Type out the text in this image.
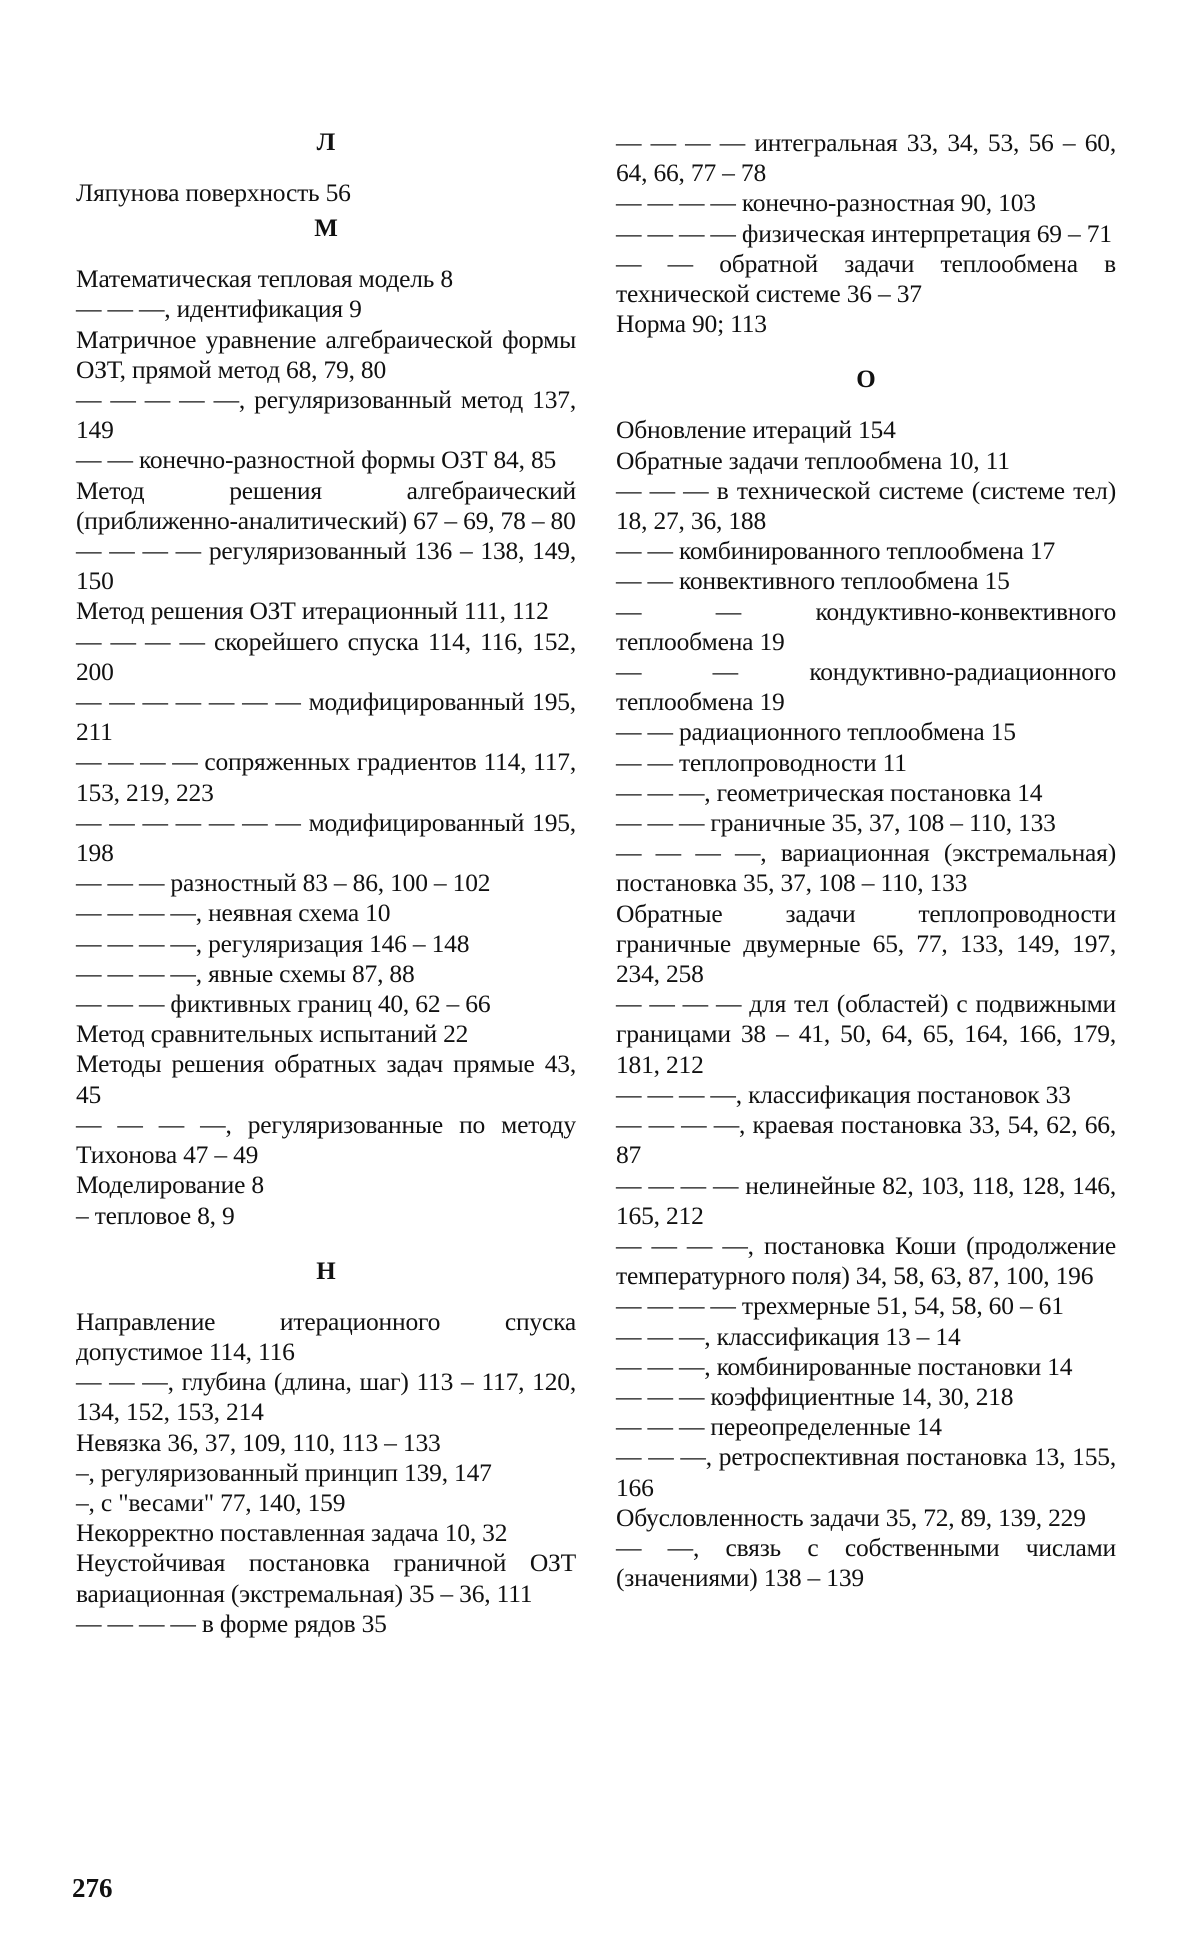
Л
Ляпунова поверхность 56
М
Математическая тепловая модель 8
— — —, идентификация 9
Матричное уравнение алгебраической формы ОЗТ, прямой метод 68, 79, 80
— — — — —, регуляризованный метод 137, 149
— — конечно-разностной формы ОЗТ 84, 85
Метод решения алгебраический (приближенно-аналитический) 67 – 69, 78 – 80
— — — — регуляризованный 136 – 138, 149, 150
Метод решения ОЗТ итерационный 111, 112
— — — — скорейшего спуска 114, 116, 152, 200
— — — — — — — модифицированный 195, 211
— — — — сопряженных градиентов 114, 117, 153, 219, 223
— — — — — — — модифицированный 195, 198
— — — разностный 83 – 86, 100 – 102
— — — —, неявная схема 10
— — — —, регуляризация 146 – 148
— — — —, явные схемы 87, 88
— — — фиктивных границ 40, 62 – 66
Метод сравнительных испытаний 22
Методы решения обратных задач прямые 43, 45
— — — —, регуляризованные по методу Тихонова 47 – 49
Моделирование 8
– тепловое 8, 9
Н
Направление итерационного спуска допустимое 114, 116
— — —, глубина (длина, шаг) 113 – 117, 120, 134, 152, 153, 214
Невязка 36, 37, 109, 110, 113 – 133
–, регуляризованный принцип 139, 147
–, с "весами" 77, 140, 159
Некорректно поставленная задача 10, 32
Неустойчивая постановка граничной ОЗТ вариационная (экстремальная) 35 – 36, 111
— — — — в форме рядов 35
— — — — интегральная 33, 34, 53, 56 – 60, 64, 66, 77 – 78
— — — — конечно-разностная 90, 103
— — — — физическая интерпретация 69 – 71
— — обратной задачи теплообмена в технической системе 36 – 37
Норма 90; 113
О
Обновление итераций 154
Обратные задачи теплообмена 10, 11
— — — в технической системе (системе тел) 18, 27, 36, 188
— — комбинированного теплообмена 17
— — конвективного теплообмена 15
— — кондуктивно-конвективного теплообмена 19
— — кондуктивно-радиационного теплообмена 19
— — радиационного теплообмена 15
— — теплопроводности 11
— — —, геометрическая постановка 14
— — — граничные 35, 37, 108 – 110, 133
— — — —, вариационная (экстремальная) постановка 35, 37, 108 – 110, 133
Обратные задачи теплопроводности граничные двумерные 65, 77, 133, 149, 197, 234, 258
— — — — для тел (областей) с подвижными границами 38 – 41, 50, 64, 65, 164, 166, 179, 181, 212
— — — —, классификация постановок 33
— — — —, краевая постановка 33, 54, 62, 66, 87
— — — — нелинейные 82, 103, 118, 128, 146, 165, 212
— — — —, постановка Коши (продолжение температурного поля) 34, 58, 63, 87, 100, 196
— — — — трехмерные 51, 54, 58, 60 – 61
— — —, классификация 13 – 14
— — —, комбинированные постановки 14
— — — коэффициентные 14, 30, 218
— — — переопределенные 14
— — —, ретроспективная постановка 13, 155, 166
Обусловленность задачи 35, 72, 89, 139, 229
— —, связь с собственными числами (значениями) 138 – 139
276
